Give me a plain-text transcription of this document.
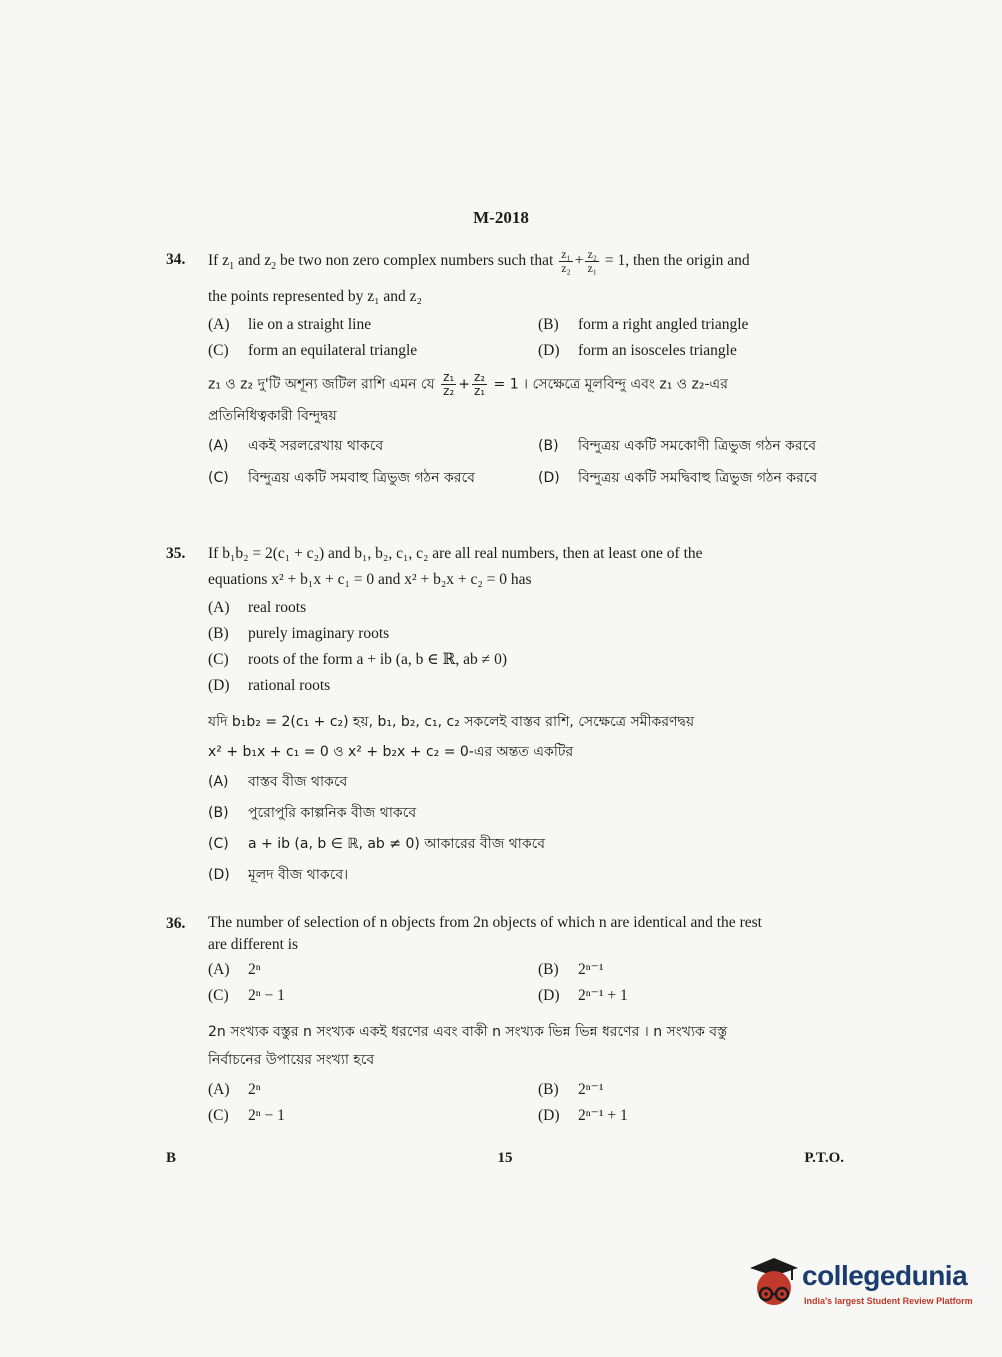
M-2018
34. If $z_1$ and $z_2$ be two non zero complex numbers such that $\frac{\text{z₁}}{\text{z₂}} + \frac{\text{z₂}}{\text{z₁}} = 1$, then the origin and
the points represented by z₁ and z₂
(A)	lie on a straight line	(B)	form a right angled triangle
(C)	form an equilateral triangle	(D)	form an isosceles triangle
z₁ ও z₂ দু'টি অশূন্য জটিল রাশি এমন যে $\frac{\text{z₁}}{\text{z₂}} + \frac{\text{z₂}}{\text{z₁}} = 1$ । সেক্ষেত্রে মূলবিন্দু এবং z₁ ও z₂-এর
প্রতিনিধিত্বকারী বিন্দুদ্বয়
(A)	একই সরলরেখায় থাকবে	(B)	বিন্দুত্রয় একটি সমকোণী ত্রিভুজ গঠন করবে
(C)	বিন্দুত্রয় একটি সমবাহু ত্রিভুজ গঠন করবে	(D)	বিন্দুত্রয় একটি সমদ্বিবাহু ত্রিভুজ গঠন করবে
35. If b₁b₂ = 2(c₁ + c₂) and b₁, b₂, c₁, c₂ are all real numbers, then at least one of the
equations x² + b₁x + c₁ = 0 and x² + b₂x + c₂ = 0 has
(A)	real roots
(B)	purely imaginary roots
(C)	roots of the form a + ib (a, b ∈ ℝ, ab ≠ 0)
(D)	rational roots
যদি b₁b₂ = 2(c₁ + c₂) হয়, b₁, b₂, c₁, c₂ সকলেই বাস্তব রাশি, সেক্ষেত্রে সমীকরণদ্বয়
x² + b₁x + c₁ = 0 ও x² + b₂x + c₂ = 0-এর অন্তত একটির
(A)	বাস্তব বীজ থাকবে
(B)	পুরোপুরি কাল্পনিক বীজ থাকবে
(C)	a + ib (a, b ∈ ℝ, ab ≠ 0) আকারের বীজ থাকবে
(D)	মূলদ বীজ থাকবে।
36. The number of selection of n objects from 2n objects of which n are identical and the rest
are different is
(A)	2ⁿ	(B)	2ⁿ⁻¹
(C)	2ⁿ − 1	(D)	2ⁿ⁻¹ + 1
2n সংখ্যক বস্তুর n সংখ্যক একই ধরণের এবং বাকী n সংখ্যক ভিন্ন ভিন্ন ধরণের । n সংখ্যক বস্তু
নির্বাচনের উপায়ের সংখ্যা হবে
(A)	2ⁿ	(B)	2ⁿ⁻¹
(C)	2ⁿ − 1	(D)	2ⁿ⁻¹ + 1
B	15	P.T.O.
collegedunia
India's largest Student Review Platform
